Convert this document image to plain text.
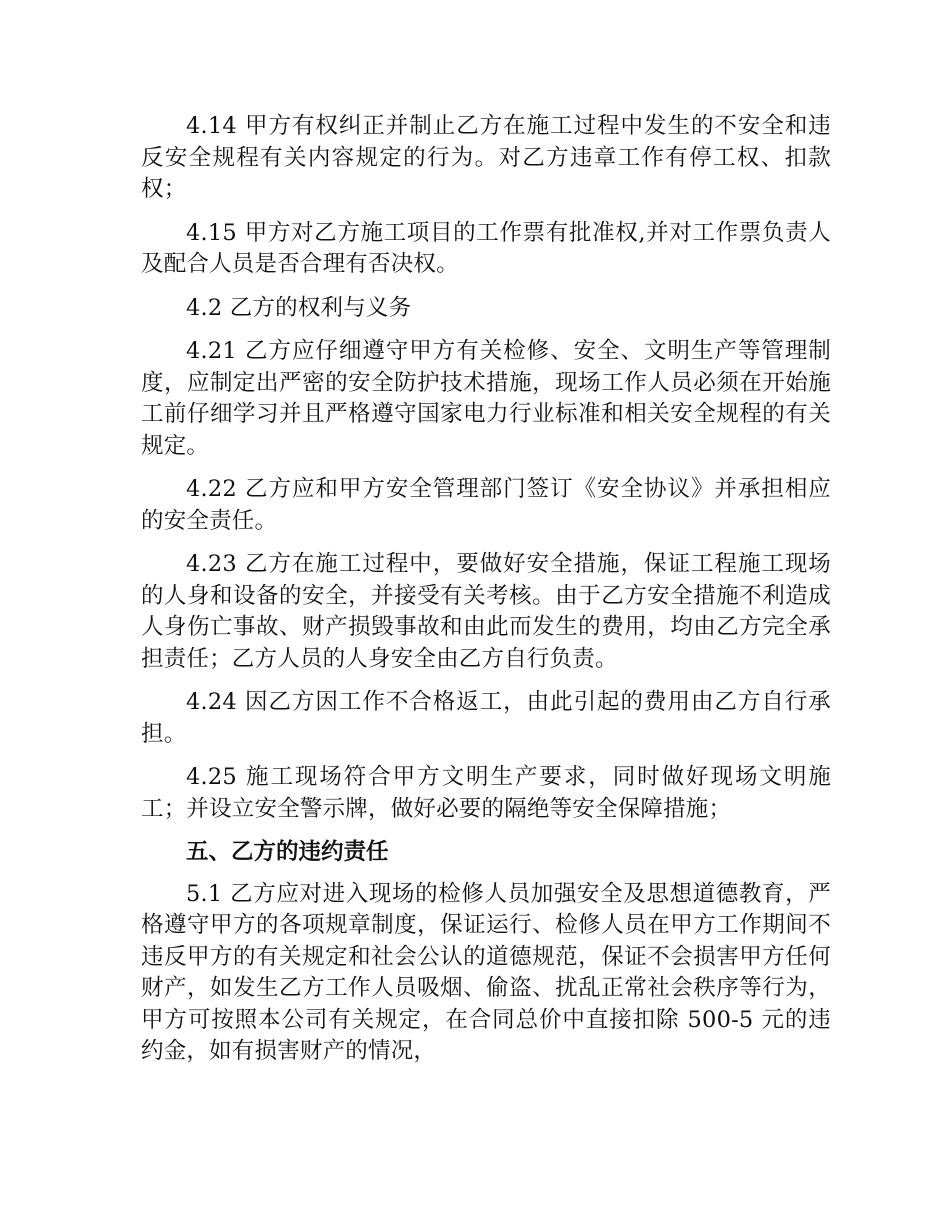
4.14 甲方有权纠正并制止乙方在施工过程中发生的不安全和违反安全规程有关内容规定的行为。对乙方违章工作有停工权、扣款权；

4.15 甲方对乙方施工项目的工作票有批准权,并对工作票负责人及配合人员是否合理有否决权。

4.2 乙方的权利与义务

4.21 乙方应仔细遵守甲方有关检修、安全、文明生产等管理制度，应制定出严密的安全防护技术措施，现场工作人员必须在开始施工前仔细学习并且严格遵守国家电力行业标准和相关安全规程的有关规定。

4.22 乙方应和甲方安全管理部门签订《安全协议》并承担相应的安全责任。

4.23 乙方在施工过程中，要做好安全措施，保证工程施工现场的人身和设备的安全，并接受有关考核。由于乙方安全措施不利造成人身伤亡事故、财产损毁事故和由此而发生的费用，均由乙方完全承担责任；乙方人员的人身安全由乙方自行负责。

4.24 因乙方因工作不合格返工，由此引起的费用由乙方自行承担。

4.25 施工现场符合甲方文明生产要求，同时做好现场文明施工；并设立安全警示牌，做好必要的隔绝等安全保障措施；

五、乙方的违约责任

5.1 乙方应对进入现场的检修人员加强安全及思想道德教育，严格遵守甲方的各项规章制度，保证运行、检修人员在甲方工作期间不违反甲方的有关规定和社会公认的道德规范，保证不会损害甲方任何财产，如发生乙方工作人员吸烟、偷盗、扰乱正常社会秩序等行为，甲方可按照本公司有关规定，在合同总价中直接扣除 500-5 元的违约金，如有损害财产的情况，
